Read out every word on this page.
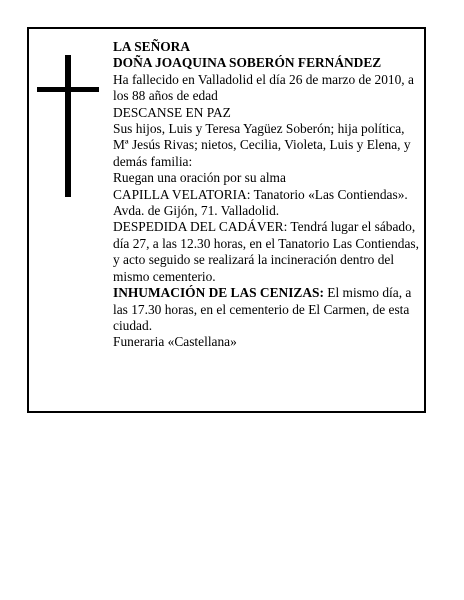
LA SEÑORA

DOÑA JOAQUINA SOBERÓN FERNÁNDEZ

Ha fallecido en Valladolid el día 26 de marzo de 2010, a los 88 años de edad

DESCANSE EN PAZ

Sus hijos, Luis y Teresa Yagüez Soberón; hija política, Mª Jesús Rivas; nietos, Cecilia, Violeta, Luis y Elena, y demás familia:

Ruegan una oración por su alma

CAPILLA VELATORIA: Tanatorio «Las Contiendas». Avda. de Gijón, 71. Valladolid.

DESPEDIDA DEL CADÁVER: Tendrá lugar el sábado, día 27, a las 12.30 horas, en el Tanatorio Las Contiendas, y acto seguido se realizará la incineración dentro del mismo cementerio.

INHUMACIÓN DE LAS CENIZAS: El mismo día, a las 17.30 horas, en el cementerio de El Carmen, de esta ciudad.

Funeraria «Castellana»
